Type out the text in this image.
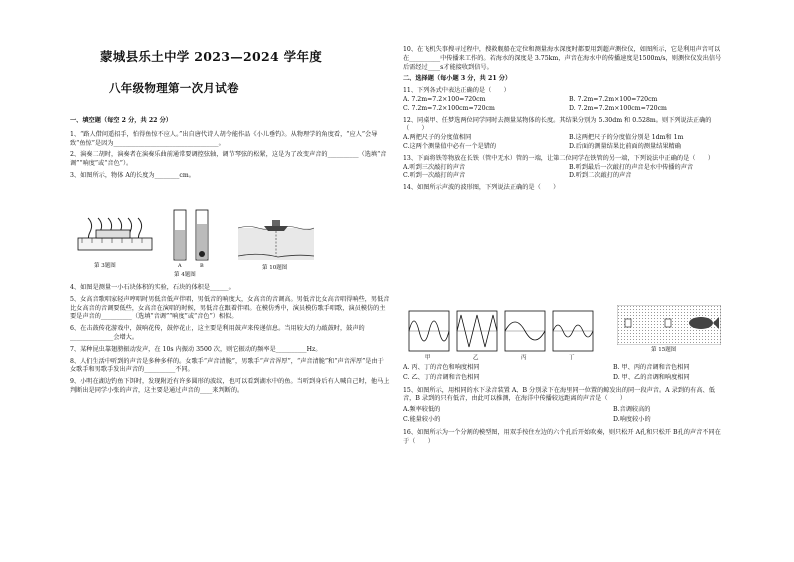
蒙城县乐土中学 2023—2024 学年度
八年级物理第一次月试卷
一、填空题（每空 2 分，共 22 分）

1、“路人借问遥招手，怕得鱼惊不应人。”出自唐代诗人胡令能作品《小儿垂钓》。从物理学的角度看，“应人”会导致“鱼惊”是因为__________________________________。

2、演奏二胡时，演奏者在演奏乐曲前通常要调控弦轴，调节琴弦的松紧，这是为了改变声音的__________（选填“音调”“响度”或“音色”）。

3、如图所示，物体 A的长度为________cm。

第 3题图	A	B
第 4题图
第 10题图

4、如图是测量一小石块体积的实验，石块的体积是______。

5、女高音歌唱家轻声哼唱时男低音低声伴唱，男低音的响度大，女高音的音调高。男低音比女高音唱得响些，男低音比女高音的音调要低些，女高音在演唱的时候，男低音在跟着伴唱。在模仿秀中，演员模仿歌手唱歌，演员模仿的主要是声音的__________（选填“音调”“响度”或“音色”）相似。

6、在击鼓传花游戏中，鼓响花传，鼓停花止，这主要是利用鼓声来传递信息。当用较大的力敲鼓时，鼓声的______________会增大。

7、某种昆虫靠翅膀振动发声，在 10s 内振动 3500 次，则它振动的频率是__________Hz。

8、人们生活中听到的声音是多种多样的。女歌手“声音清脆”，男歌手“声音浑厚”，“声音清脆”和“声音浑厚”是由于女歌手和男歌手发出声音的__________不同。

9、小明在湖边钓鱼下饵时，发现附近有许多圆形的波纹，也可以看到湖水中的鱼。当听到身后有人喊自己时，他马上判断出是同学小张的声音，这主要是通过声音的____来判断的。

10、在飞机失事搜寻过程中，搜救舰船在定位和测量海水深度时都要用到超声测位仪，如图所示，它是利用声音可以在__________中传播来工作的。若海水的深度是 3.75km，声音在海水中的传播速度是1500m/s，则测位仪发出信号后需经过____s才能接收到信号。

二、选择题（每小题 3 分，共 21 分）

11、下列各式中表达正确的是（　　）

A. 7.2m=7.2×100=720cm	B. 7.2m=7.2m×100=720cm
C. 7.2m=7.2×100cm=720cm	D. 7.2m=7.2m×100cm=720cm

12、同桌甲、任梦选两位同学同时去测量某物体的长度。其结果分别为 5.30dm 和 0.528m。则下列说法正确的（　　）

A.两把尺子的分度值相同	B.这两把尺子的分度值分别是 1dm和 1m
C.这两个测量值中必有一个是错的	D.后面的测量结果比前面的测量结果精确

13、下面将铁等物放在长铁（管中无水）管的一端，让第二位同学在铁管的另一端，下列说法中正确的是（　　）

A.听到三次敲打的声音	B.听到最后一次敲打的声音是水中传播的声音
C.听到一次敲打的声音	D.听到二次敲打的声音

14、如图所示声波的波形图，下列说法正确的是（　　）

甲	乙	丙	丁
第 15题图
A. 丙、丁的音色和响度相同	B. 甲、丙的音调和音色相同
C. 乙、丁的音调和音色相同	D. 甲、乙的音调和响度相同

15、如图所示，用相同的水下录音装置 A、B 分别录下在海里同一位置的鲸发出的同一段声音。A 录到的有高、低音，B 录到的只有低音，由此可以推测，在海洋中传播较远距离的声音是（　　）

A.频率较低的	B.音调较高的
C.能量较小的	D.响度较小的

16、如图所示为一个分割的模型图，用双手按住左边的六个孔后开始吹奏，则只松开 A孔和只松开 B孔的声音不同在于（　　）
